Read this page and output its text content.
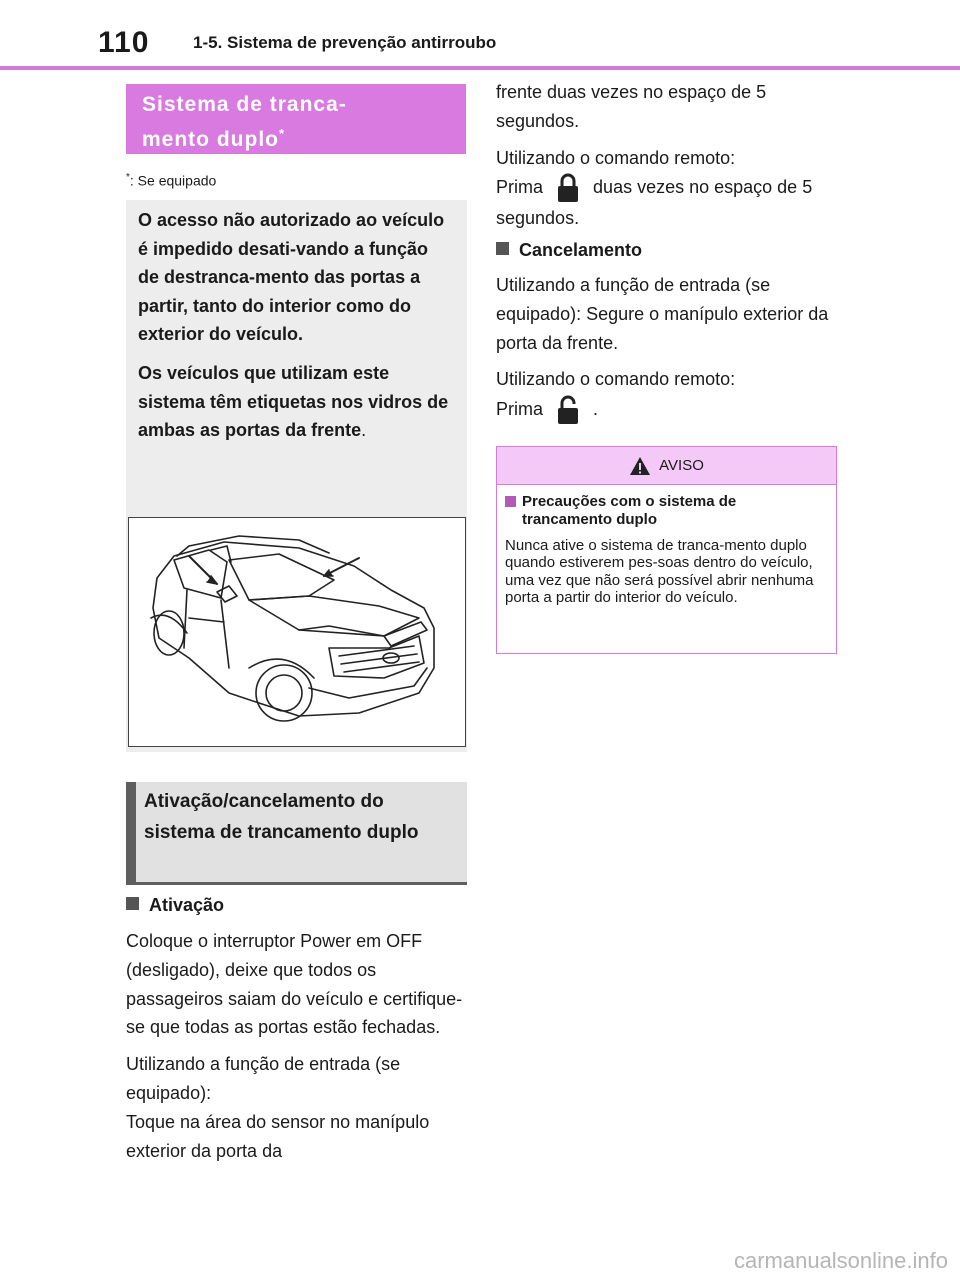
110	1-5. Sistema de prevenção antirroubo
Sistema de tranca-
mento duplo*
*: Se equipado

O acesso não autorizado ao veículo é impedido desati-vando a função de destranca-mento das portas a partir, tanto do interior como do exterior do veículo.

Os veículos que utilizam este sistema têm etiquetas nos vidros de ambas as portas da frente.

Ativação/cancelamento do sistema de trancamento duplo
Ativação

Coloque o interruptor Power em OFF (desligado), deixe que todos os passageiros saiam do veículo e certifique-se que todas as portas estão fechadas.

Utilizando a função de entrada (se equipado):

Toque na área do sensor no manípulo exterior da porta da

frente duas vezes no espaço de 5 segundos.

Utilizando o comando remoto:

Prima	duas vezes no espaço de 5 segundos.

Cancelamento

Utilizando a função de entrada (se equipado): Segure o manípulo exterior da porta da frente.

Utilizando o comando remoto:

Prima	.

AVISO
Precauções com o sistema de trancamento duplo
Nunca ative o sistema de tranca-mento duplo quando estiverem pes-soas dentro do veículo, uma vez que não será possível abrir nenhuma porta a partir do interior do veículo.
carmanualsonline.info
